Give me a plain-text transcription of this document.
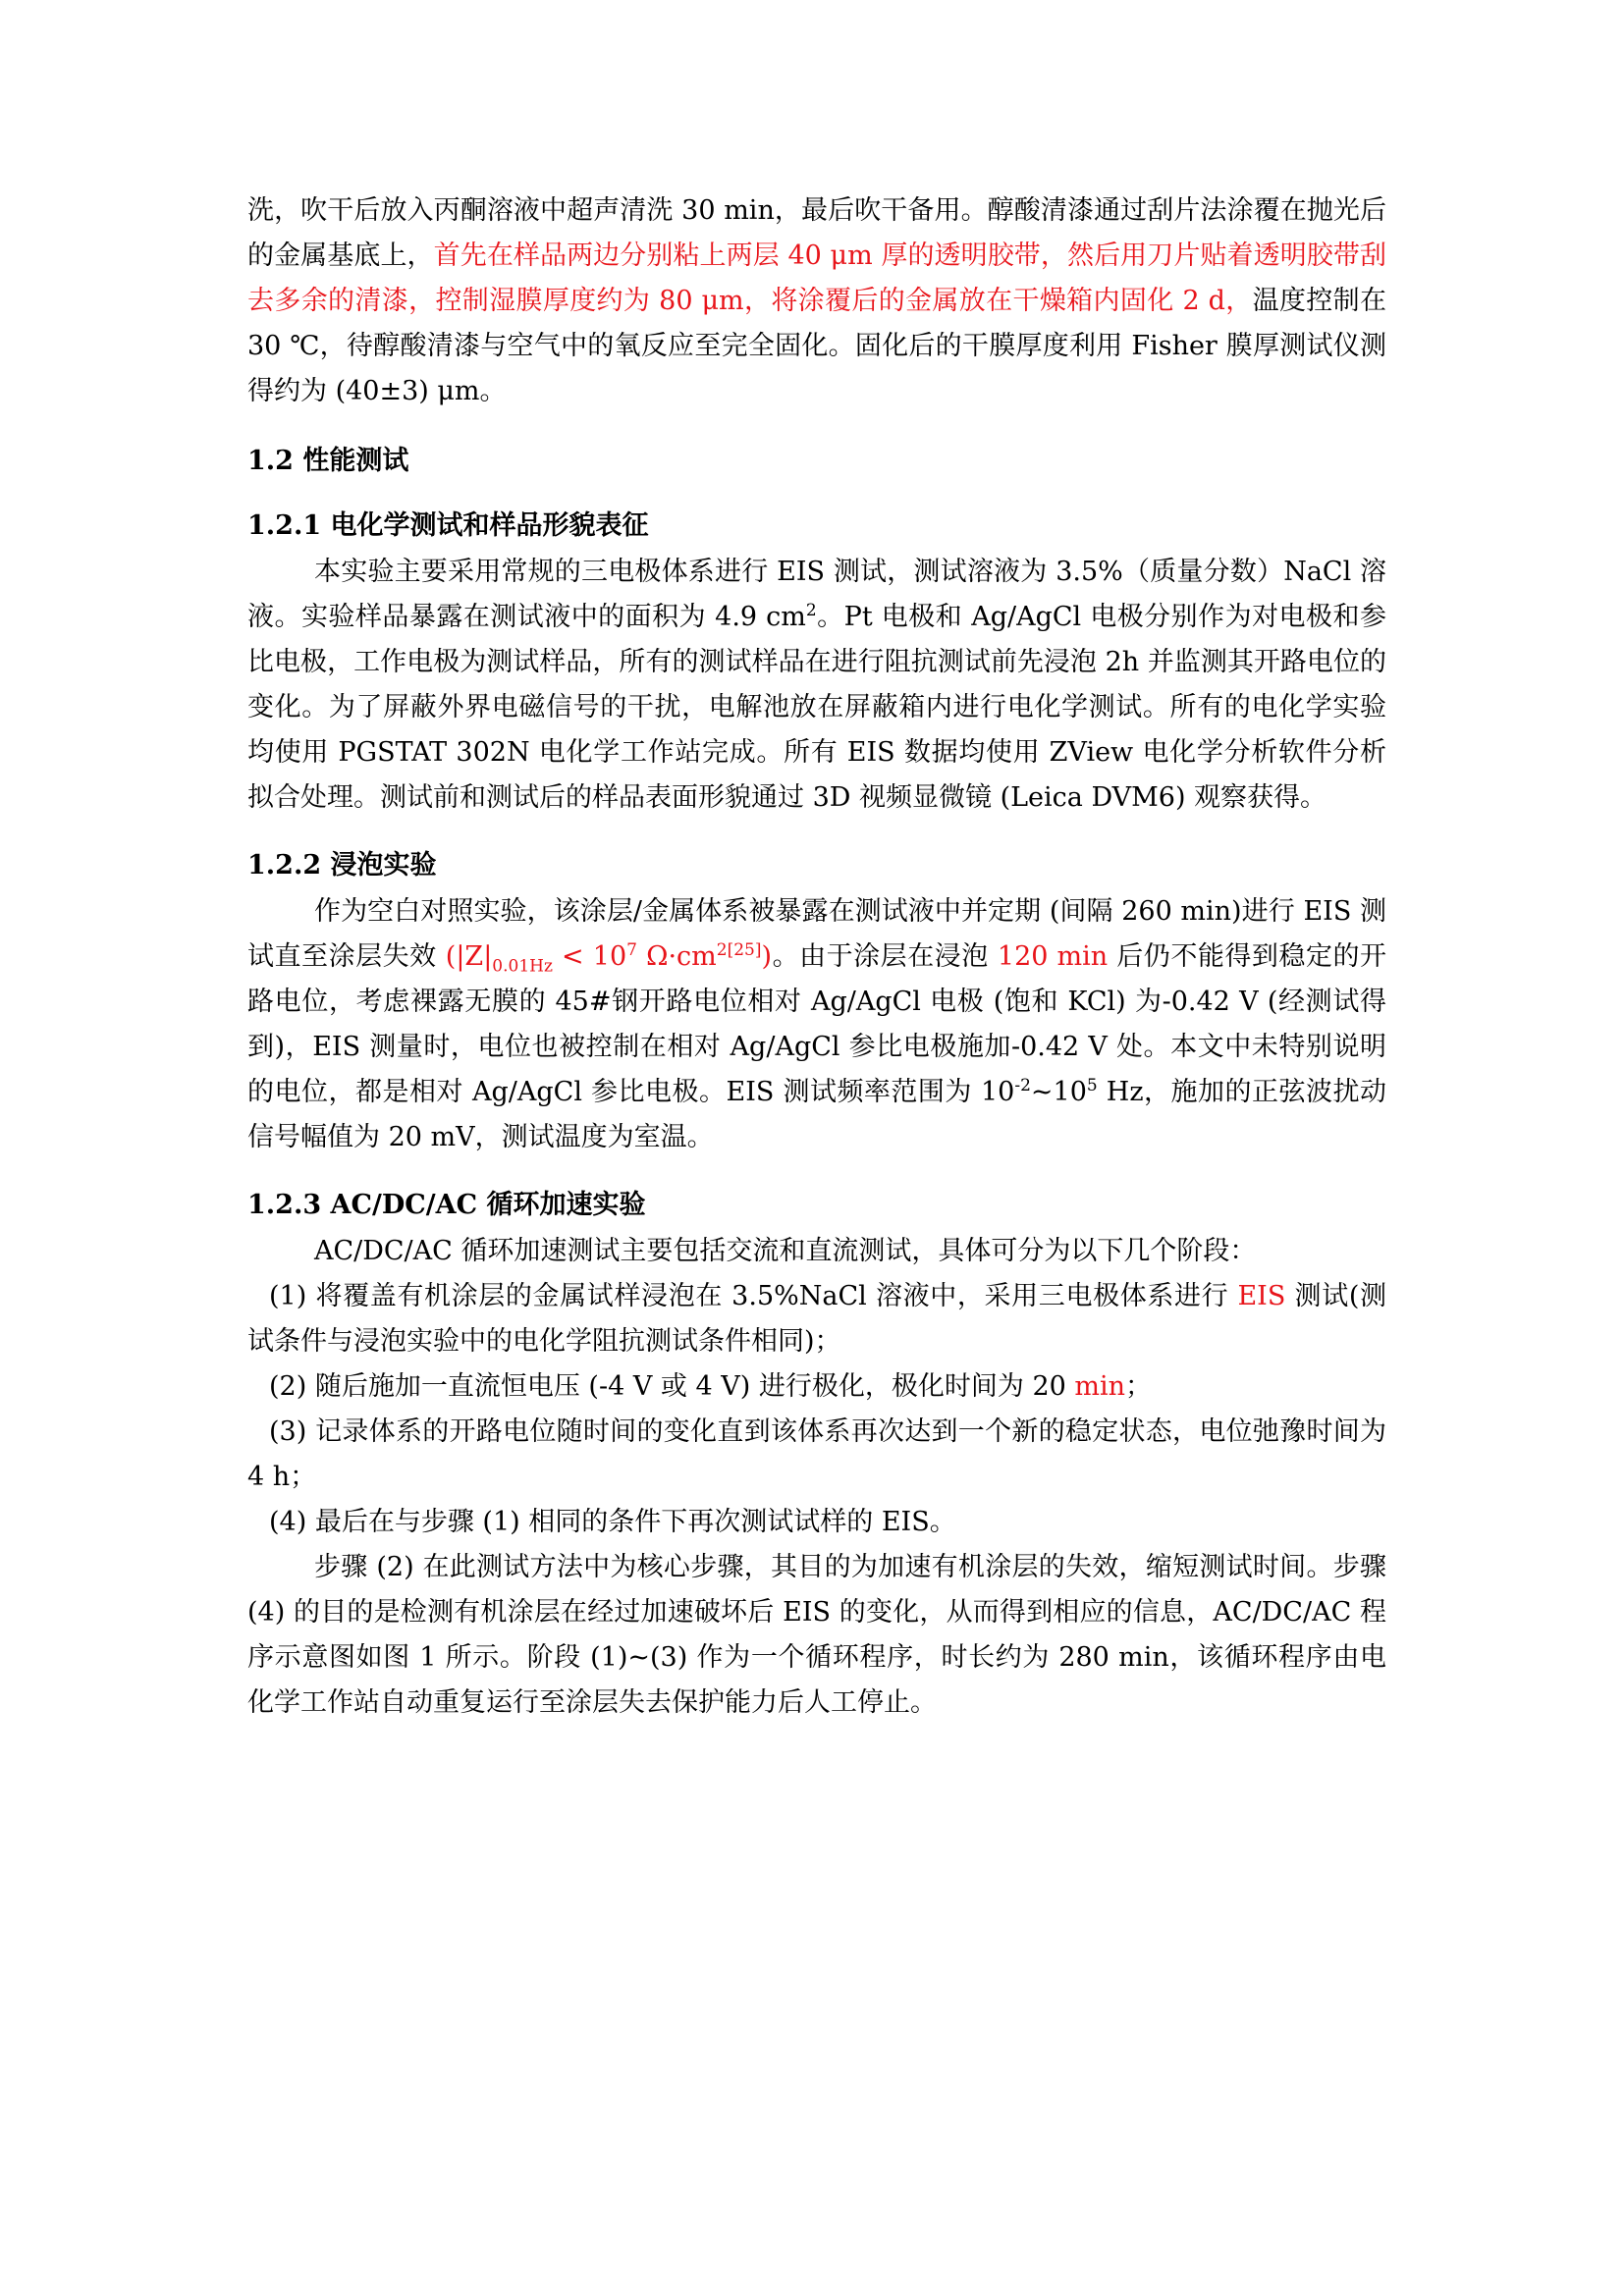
洗，吹干后放入丙酮溶液中超声清洗 30 min，最后吹干备用。醇酸清漆通过刮片法涂覆在抛光后的金属基底上，首先在样品两边分别粘上两层 40 μm 厚的透明胶带，然后用刀片贴着透明胶带刮去多余的清漆，控制湿膜厚度约为 80 μm，将涂覆后的金属放在干燥箱内固化 2 d，温度控制在 30 ℃，待醇酸清漆与空气中的氧反应至完全固化。固化后的干膜厚度利用 Fisher 膜厚测试仪测得约为 (40±3) μm。

1.2 性能测试
1.2.1 电化学测试和样品形貌表征

本实验主要采用常规的三电极体系进行 EIS 测试，测试溶液为 3.5%（质量分数）NaCl 溶液。实验样品暴露在测试液中的面积为 4.9 $cm^2$。Pt 电极和 Ag/AgCl 电极分别作为对电极和参比电极，工作电极为测试样品，所有的测试样品在进行阻抗测试前先浸泡 2h 并监测其开路电位的变化。为了屏蔽外界电磁信号的干扰，电解池放在屏蔽箱内进行电化学测试。所有的电化学实验均使用 PGSTAT 302N 电化学工作站完成。所有 EIS 数据均使用 ZView 电化学分析软件分析拟合处理。测试前和测试后的样品表面形貌通过 3D 视频显微镜 (Leica DVM6) 观察获得。

1.2.2 浸泡实验

作为空白对照实验，该涂层/金属体系被暴露在测试液中并定期 (间隔 260 min)进行 EIS 测试直至涂层失效 ($|Z|_{0.01Hz} < 10^7$ $\Omega\cdot cm^{2[25]}$)。由于涂层在浸泡 120 min 后仍不能得到稳定的开路电位，考虑裸露无膜的 45#钢开路电位相对 Ag/AgCl 电极 (饱和 KCl) 为-0.42 V (经测试得到)，EIS 测量时，电位也被控制在相对 Ag/AgCl 参比电极施加-0.42 V 处。本文中未特别说明的电位，都是相对 Ag/AgCl 参比电极。EIS 测试频率范围为 $10^{-2}\sim 10^5$ Hz，施加的正弦波扰动信号幅值为 20 mV，测试温度为室温。

1.2.3 AC/DC/AC 循环加速实验

AC/DC/AC 循环加速测试主要包括交流和直流测试，具体可分为以下几个阶段：

(1) 将覆盖有机涂层的金属试样浸泡在 3.5%NaCl 溶液中，采用三电极体系进行 EIS 测试(测试条件与浸泡实验中的电化学阻抗测试条件相同)；

(2) 随后施加一直流恒电压 (-4 V 或 4 V) 进行极化，极化时间为 20 min；

(3) 记录体系的开路电位随时间的变化直到该体系再次达到一个新的稳定状态，电位弛豫时间为 4 h；

(4) 最后在与步骤 (1) 相同的条件下再次测试试样的 EIS。

步骤 (2) 在此测试方法中为核心步骤，其目的为加速有机涂层的失效，缩短测试时间。步骤 (4) 的目的是检测有机涂层在经过加速破坏后 EIS 的变化，从而得到相应的信息，AC/DC/AC 程序示意图如图 1 所示。阶段 (1)~(3) 作为一个循环程序，时长约为 280 min，该循环程序由电化学工作站自动重复运行至涂层失去保护能力后人工停止。
